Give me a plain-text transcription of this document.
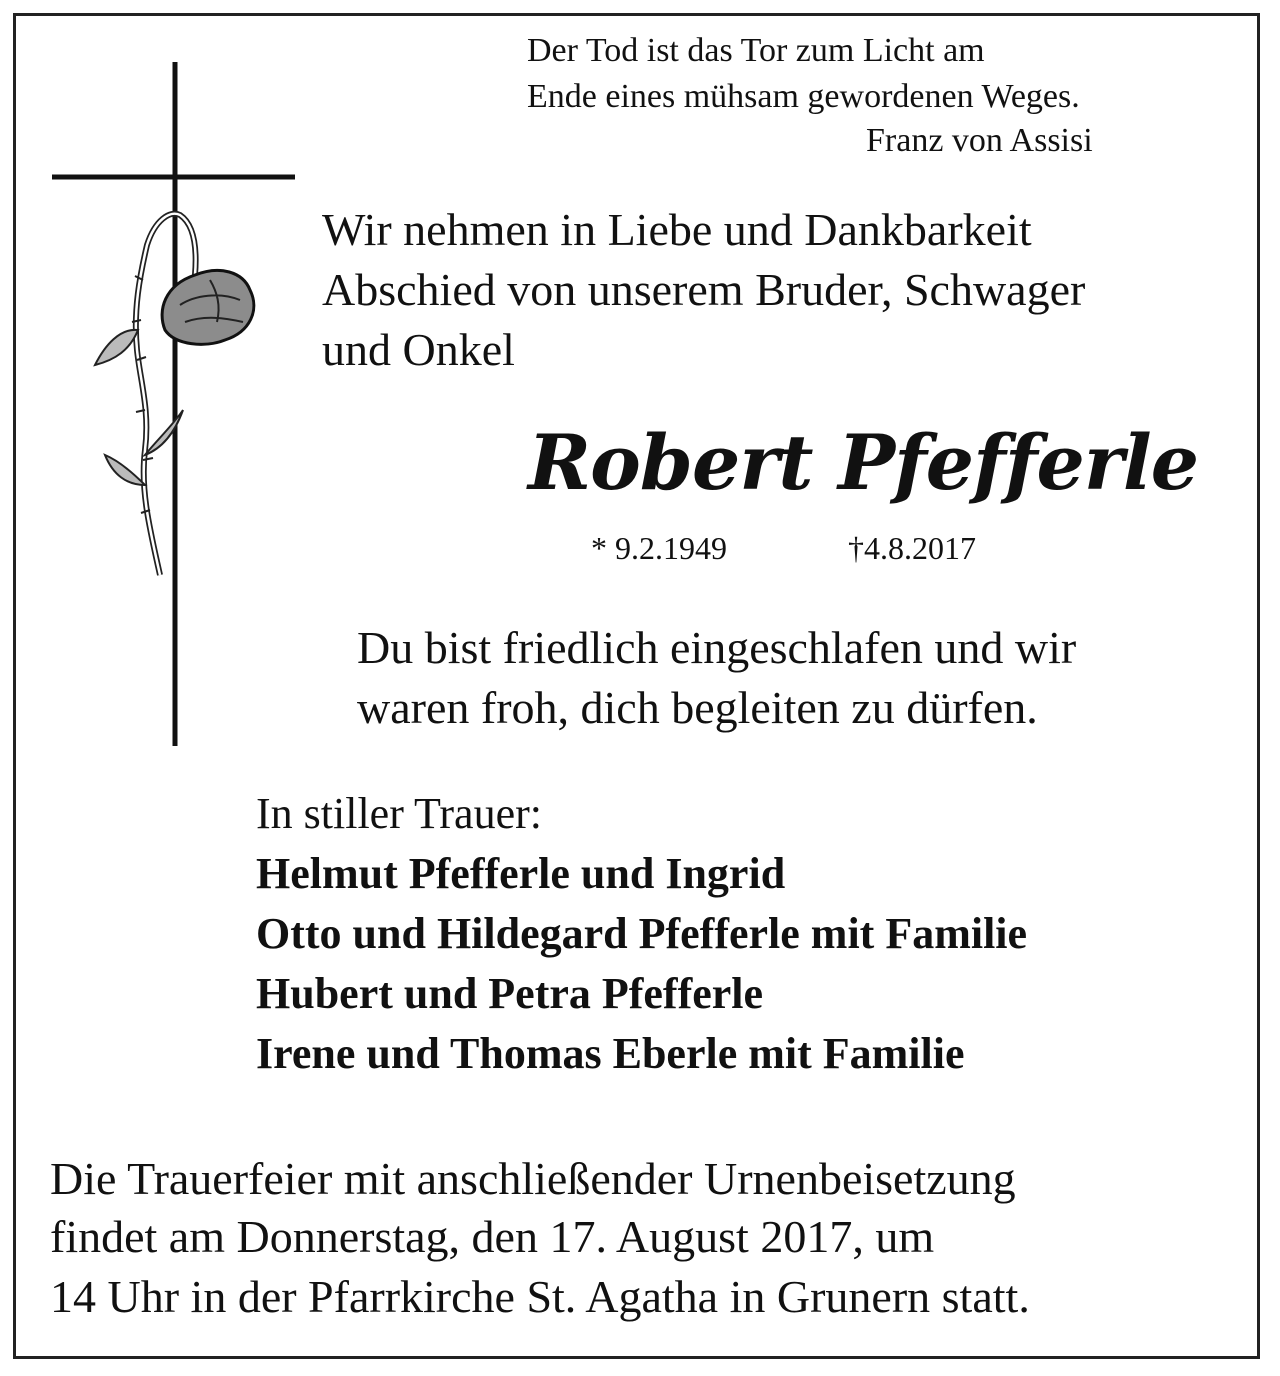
Der Tod ist das Tor zum Licht am
Ende eines mühsam gewordenen Weges.
Franz von Assisi
Wir nehmen in Liebe und Dankbarkeit
Abschied von unserem Bruder, Schwager
und Onkel
Robert Pfefferle
* 9.2.1949	†4.8.2017
Du bist friedlich eingeschlafen und wir
waren froh, dich begleiten zu dürfen.
In stiller Trauer:
Helmut Pfefferle und Ingrid
Otto und Hildegard Pfefferle mit Familie
Hubert und Petra Pfefferle
Irene und Thomas Eberle mit Familie
Die Trauerfeier mit anschließender Urnenbeisetzung
findet am Donnerstag, den 17. August 2017, um
14 Uhr in der Pfarrkirche St. Agatha in Grunern statt.
